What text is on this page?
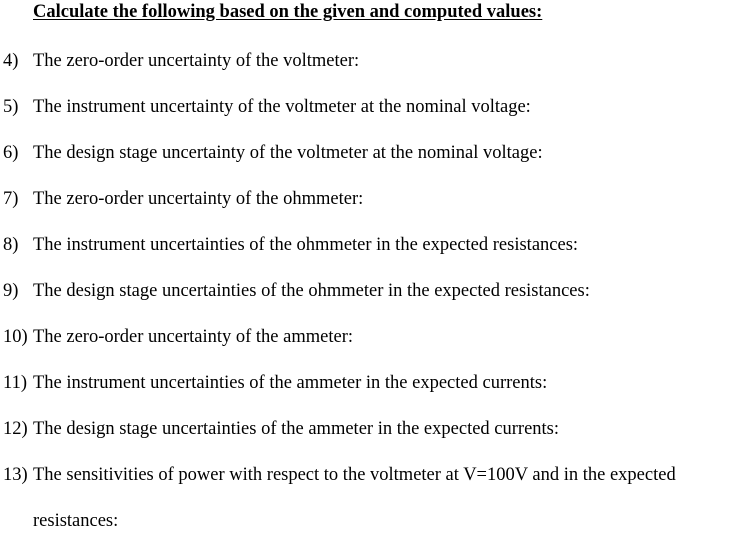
Calculate the following based on the given and computed values:
4) The zero-order uncertainty of the voltmeter:
5) The instrument uncertainty of the voltmeter at the nominal voltage:
6) The design stage uncertainty of the voltmeter at the nominal voltage:
7) The zero-order uncertainty of the ohmmeter:
8) The instrument uncertainties of the ohmmeter in the expected resistances:
9) The design stage uncertainties of the ohmmeter in the expected resistances:
10) The zero-order uncertainty of the ammeter:
11) The instrument uncertainties of the ammeter in the expected currents:
12) The design stage uncertainties of the ammeter in the expected currents:
13) The sensitivities of power with respect to the voltmeter at V=100V and in the expected
resistances:
